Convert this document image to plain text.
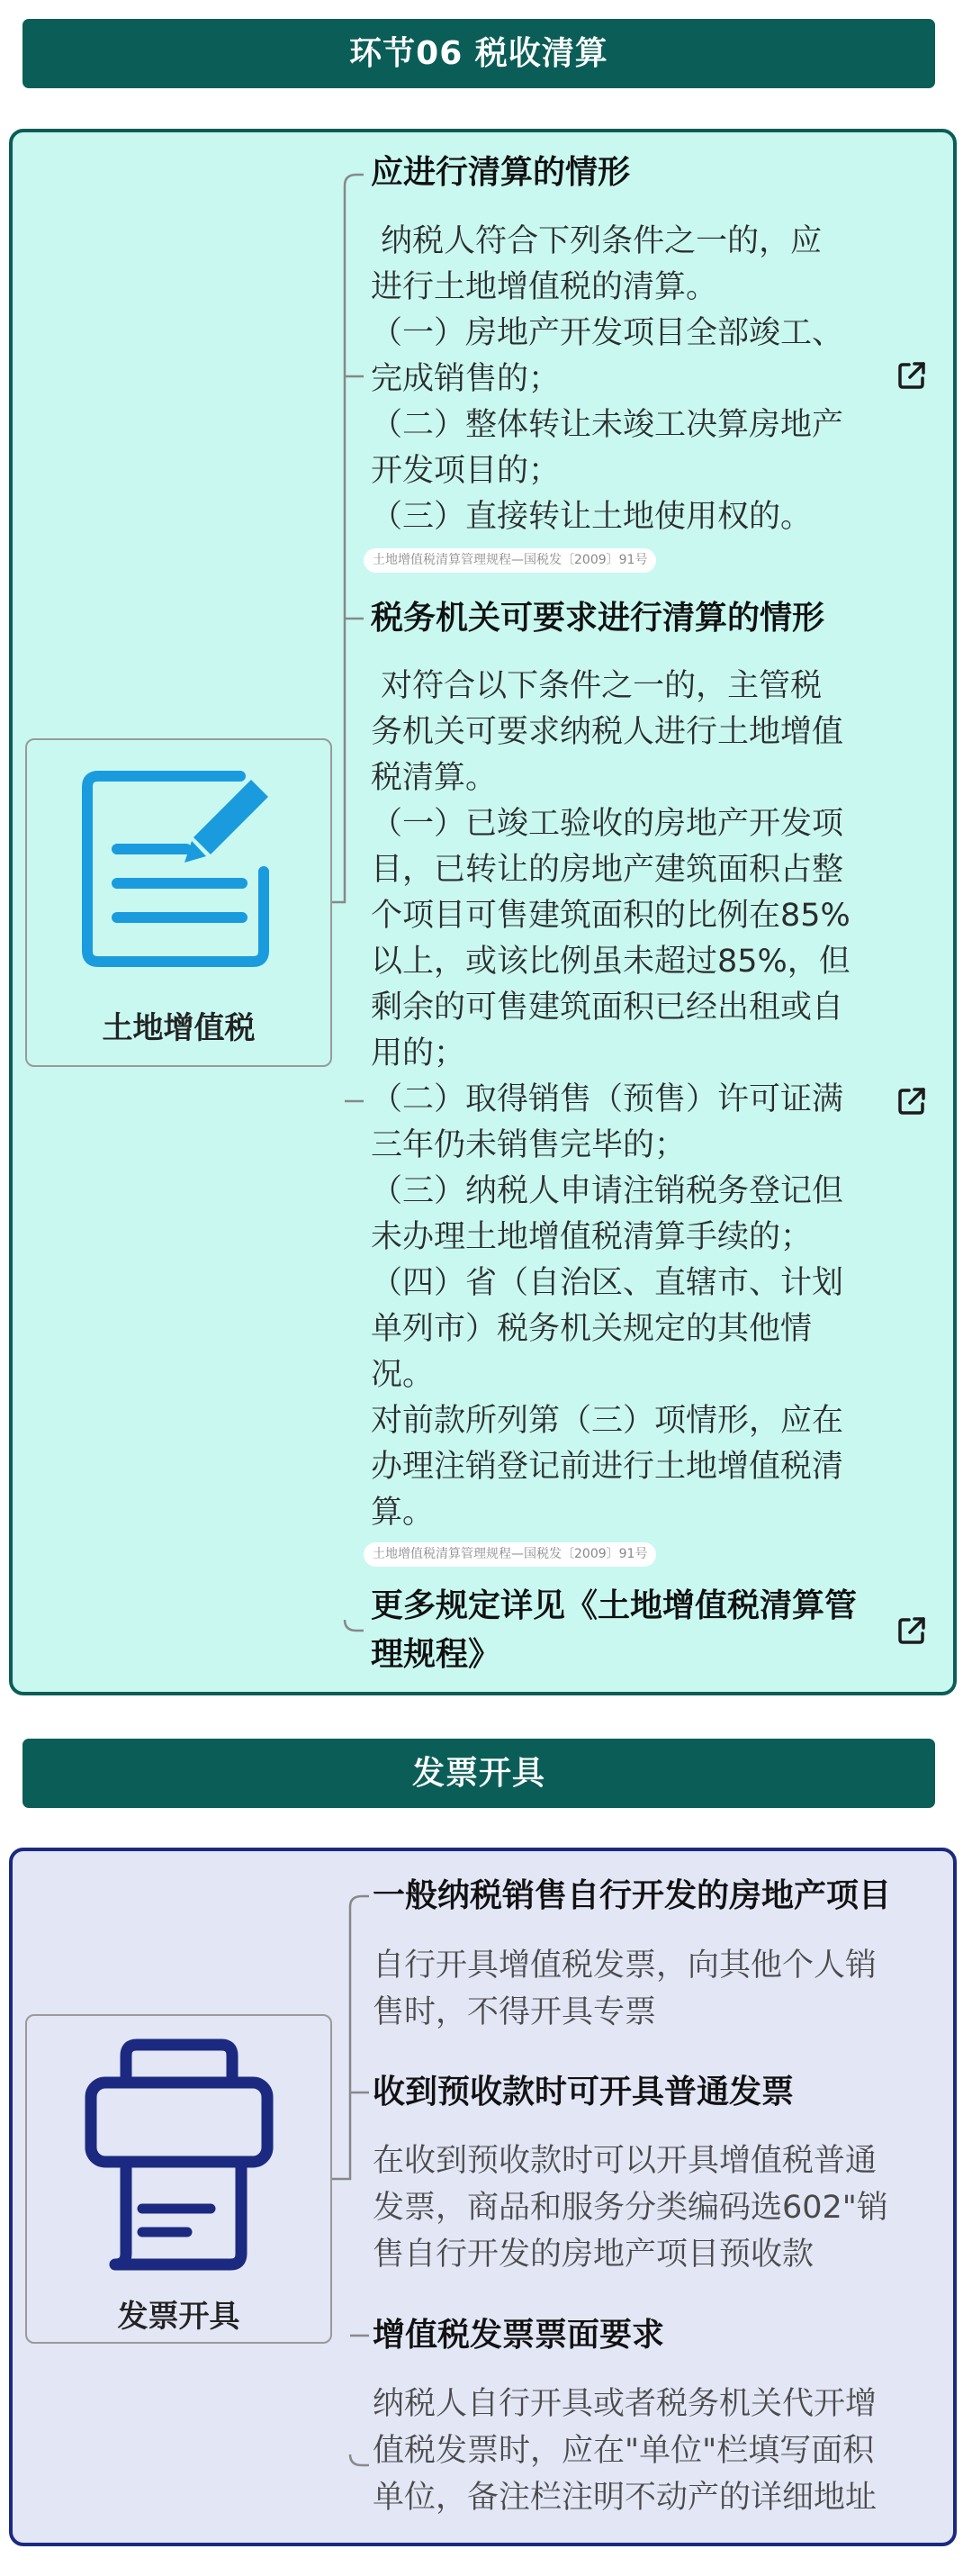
环节06 税收清算
土地增值税
应进行清算的情形
纳税人符合下列条件之一的，应
进行土地增值税的清算。
（一）房地产开发项目全部竣工、
完成销售的；
（二）整体转让未竣工决算房地产
开发项目的；
（三）直接转让土地使用权的。
土地增值税清算管理规程—国税发〔2009〕91号
税务机关可要求进行清算的情形
对符合以下条件之一的，主管税
务机关可要求纳税人进行土地增值
税清算。
（一）已竣工验收的房地产开发项
目，已转让的房地产建筑面积占整
个项目可售建筑面积的比例在85%
以上，或该比例虽未超过85%，但
剩余的可售建筑面积已经出租或自
用的；
（二）取得销售（预售）许可证满
三年仍未销售完毕的；
（三）纳税人申请注销税务登记但
未办理土地增值税清算手续的；
（四）省（自治区、直辖市、计划
单列市）税务机关规定的其他情
况。
对前款所列第（三）项情形，应在
办理注销登记前进行土地增值税清
算。
土地增值税清算管理规程—国税发〔2009〕91号
更多规定详见《土地增值税清算管
理规程》
发票开具
发票开具
一般纳税销售自行开发的房地产项目
自行开具增值税发票，向其他个人销
售时，不得开具专票
收到预收款时可开具普通发票
在收到预收款时可以开具增值税普通
发票，商品和服务分类编码选602"销
售自行开发的房地产项目预收款
增值税发票票面要求
纳税人自行开具或者税务机关代开增
值税发票时，应在"单位"栏填写面积
单位，备注栏注明不动产的详细地址
